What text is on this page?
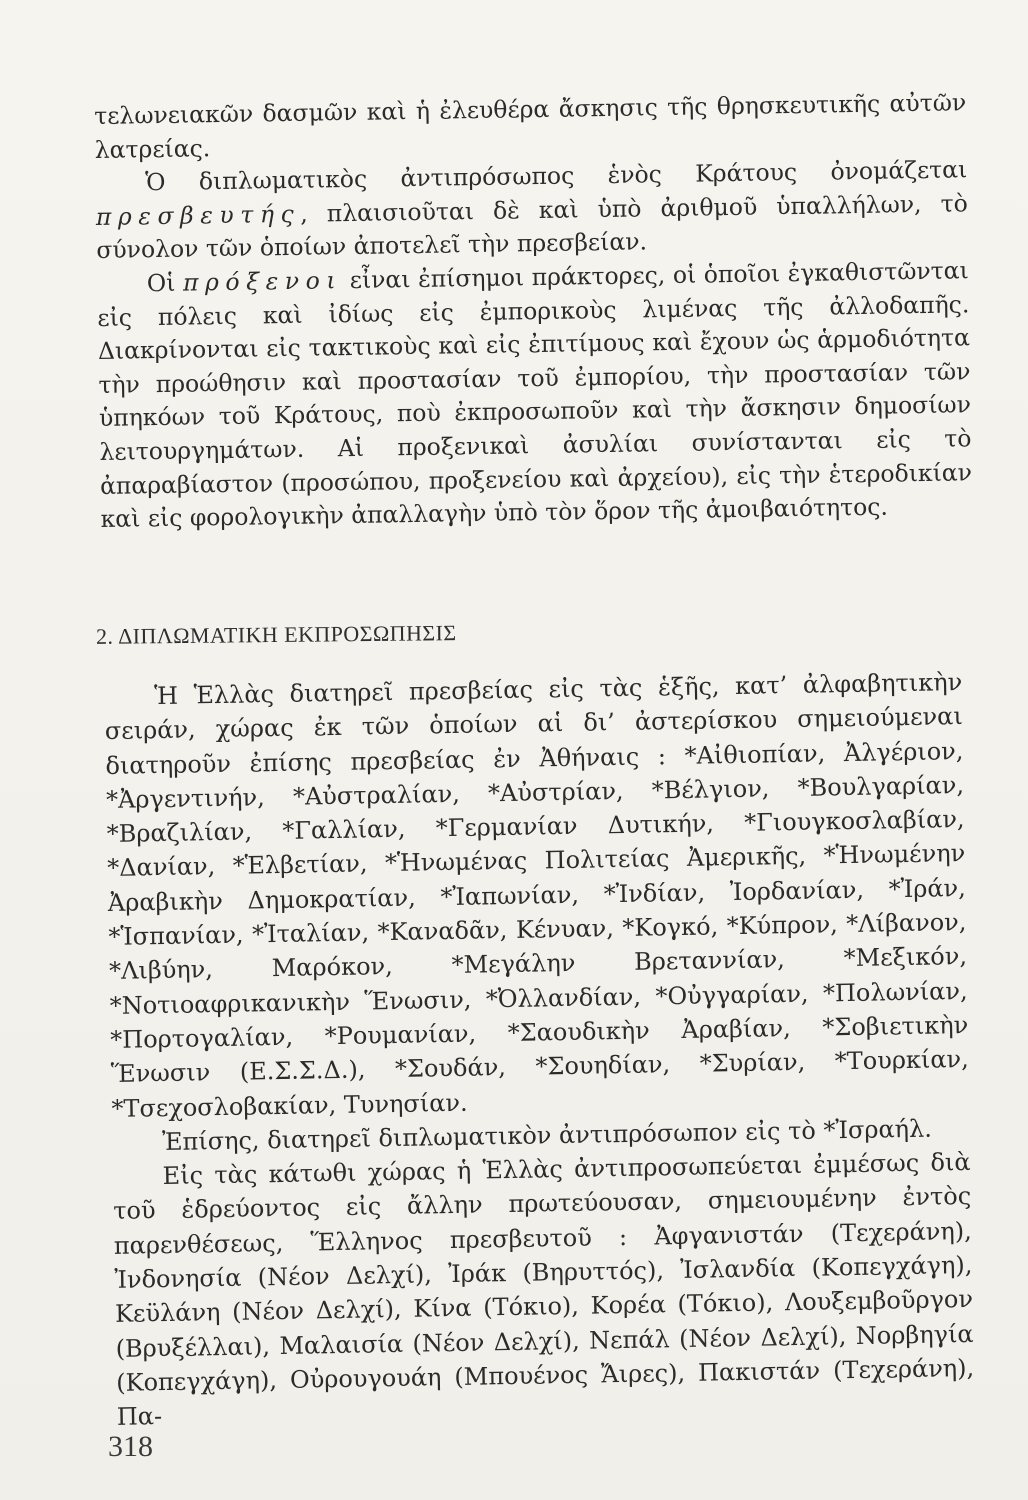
τελωνειακῶν δασμῶν καὶ ἡ ἐλευθέρα ἄσκησις τῆς θρησκευτικῆς αὐτῶν λατρείας.

Ὁ διπλωματικὸς ἀντιπρόσωπος ἑνὸς Κράτους ὀνομάζεται πρεσβευτής, πλαισιοῦται δὲ καὶ ὑπὸ ἀριθμοῦ ὑπαλλήλων, τὸ σύνολον τῶν ὁποίων ἀποτελεῖ τὴν πρεσβείαν.

Οἱ πρόξενοι εἶναι ἐπίσημοι πράκτορες, οἱ ὁποῖοι ἐγκαθιστῶνται εἰς πόλεις καὶ ἰδίως εἰς ἐμπορικοὺς λιμένας τῆς ἀλλοδαπῆς. Διακρίνονται εἰς τακτικοὺς καὶ εἰς ἐπιτίμους καὶ ἔχουν ὡς ἁρμοδιότητα τὴν προώθησιν καὶ προστασίαν τοῦ ἐμπορίου, τὴν προστασίαν τῶν ὑπηκόων τοῦ Κράτους, ποὺ ἐκπροσωποῦν καὶ τὴν ἄσκησιν δημοσίων λειτουργημάτων. Αἱ προξενικαὶ ἀσυλίαι συνίστανται εἰς τὸ ἀπαραβίαστον (προσώπου, προξενείου καὶ ἀρχείου), εἰς τὴν ἑτεροδικίαν καὶ εἰς φορολογικὴν ἀπαλλαγὴν ὑπὸ τὸν ὅρον τῆς ἀμοιβαιότητος.

2. ΔΙΠΛΩΜΑΤΙΚΗ ΕΚΠΡΟΣΩΠΗΣΙΣ

Ἡ Ἑλλὰς διατηρεῖ πρεσβείας εἰς τὰς ἑξῆς, κατ’ ἀλφαβητικὴν σειράν, χώρας ἐκ τῶν ὁποίων αἱ δι’ ἀστερίσκου σημειούμεναι διατηροῦν ἐπίσης πρεσβείας ἐν Ἀθήναις : *Αἰθιοπίαν, Ἀλγέριον, *Ἀργεντινήν, *Αὐστραλίαν, *Αὐστρίαν, *Βέλγιον, *Βουλγαρίαν, *Βραζιλίαν, *Γαλλίαν, *Γερμανίαν Δυτικήν, *Γιουγκοσλαβίαν, *Δανίαν, *Ἑλβετίαν, *Ἡνωμένας Πολιτείας Ἀμερικῆς, *Ἡνωμένην Ἀραβικὴν Δημοκρατίαν, *Ἰαπωνίαν, *Ἰνδίαν, Ἰορδανίαν, *Ἰράν, *Ἱσπανίαν, *Ἰταλίαν, *Καναδᾶν, Κένυαν, *Κογκό, *Κύπρον, *Λίβανον, *Λιβύην, Μαρόκον, *Μεγάλην Βρεταννίαν, *Μεξικόν, *Νοτιοαφρικανικὴν Ἕνωσιν, *Ὀλλανδίαν, *Οὐγγαρίαν, *Πολωνίαν, *Πορτογαλίαν, *Ρουμανίαν, *Σαουδικὴν Ἀραβίαν, *Σοβιετικὴν Ἕνωσιν (Ε.Σ.Σ.Δ.), *Σουδάν, *Σουηδίαν, *Συρίαν, *Τουρκίαν, *Τσεχοσλοβακίαν, Τυνησίαν.

Ἐπίσης, διατηρεῖ διπλωματικὸν ἀντιπρόσωπον εἰς τὸ *Ἰσραήλ.

Εἰς τὰς κάτωθι χώρας ἡ Ἑλλὰς ἀντιπροσωπεύεται ἐμμέσως διὰ τοῦ ἑδρεύοντος εἰς ἄλλην πρωτεύουσαν, σημειουμένην ἐντὸς παρενθέσεως, Ἕλληνος πρεσβευτοῦ : Ἀφγανιστάν (Τεχεράνη), Ἰνδονησία (Νέον Δελχί), Ἰράκ (Βηρυττός), Ἰσλανδία (Κοπεγχάγη), Κεϋλάνη (Νέον Δελχί), Κίνα (Τόκιο), Κορέα (Τόκιο), Λουξεμβοῦργον (Βρυξέλλαι), Μαλαισία (Νέον Δελχί), Νεπάλ (Νέον Δελχί), Νορβηγία (Κοπεγχάγη), Οὐρουγουάη (Μπουένος Ἄιρες), Πακιστάν (Τεχεράνη), Πα-

318
